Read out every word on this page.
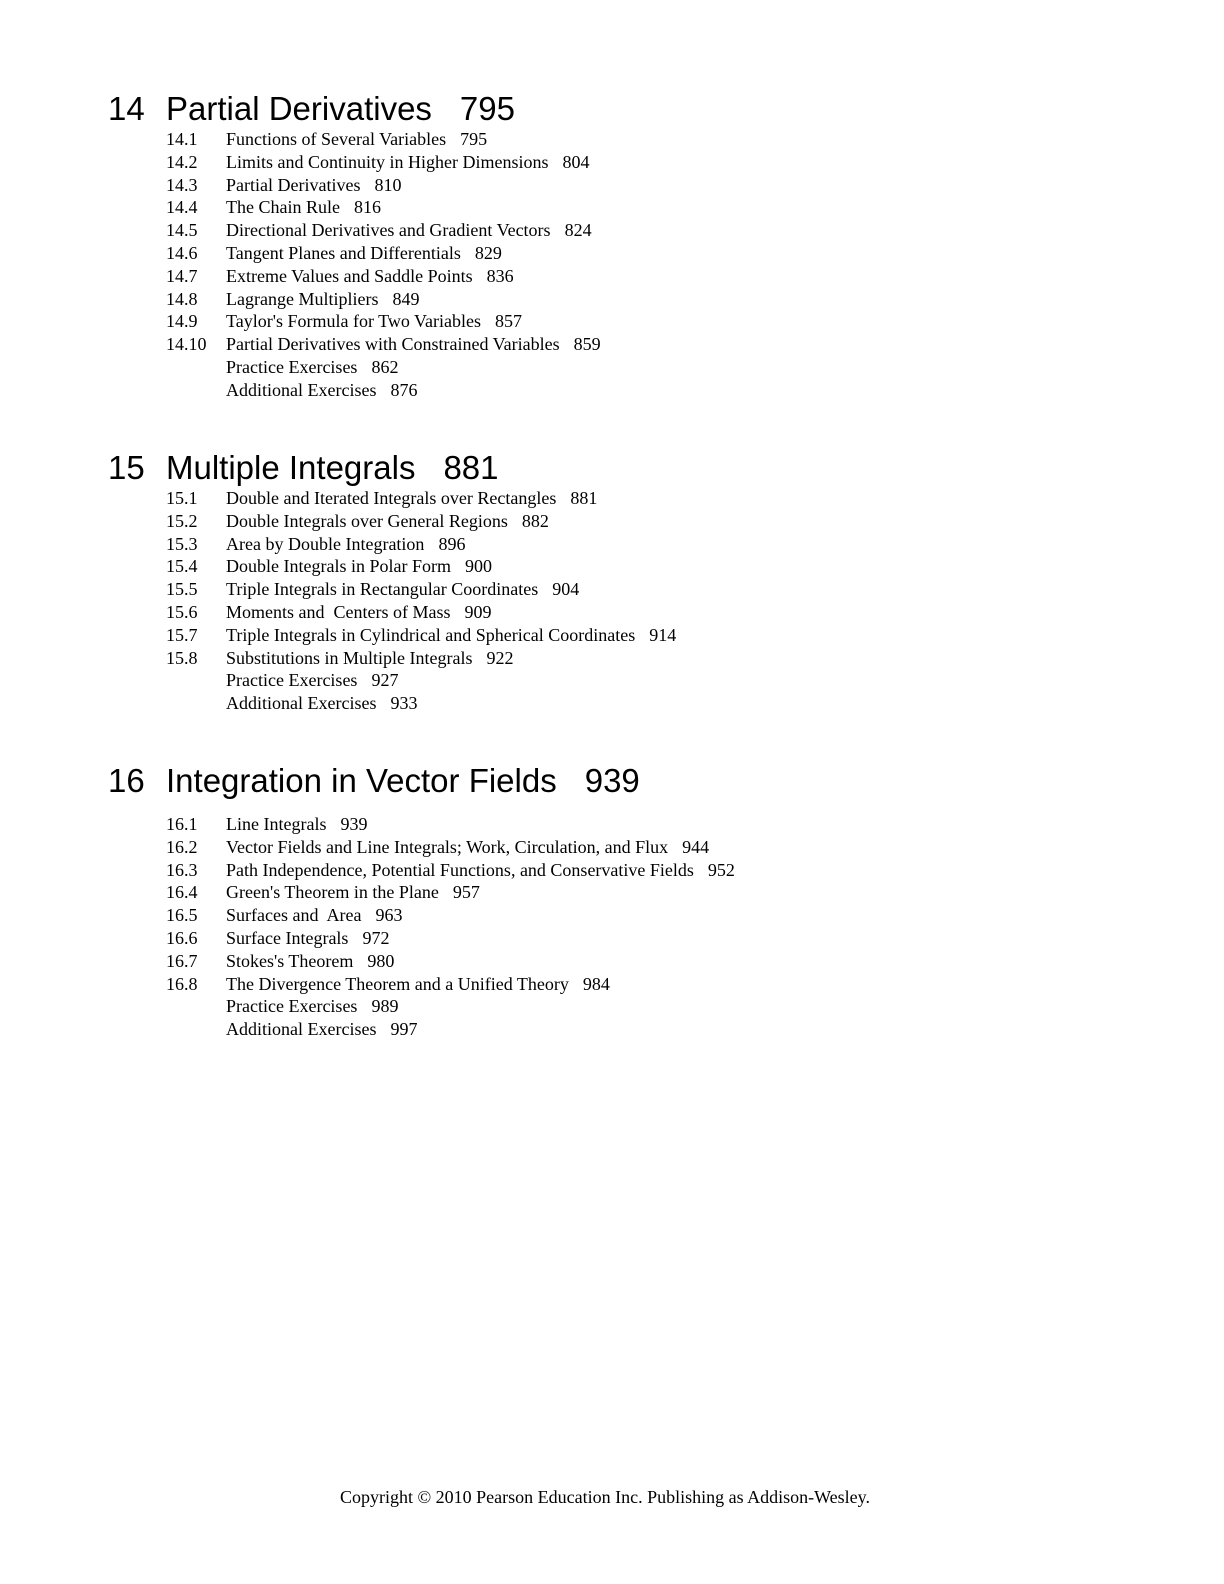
14 Partial Derivatives 795
14.1 Functions of Several Variables 795
14.2 Limits and Continuity in Higher Dimensions 804
14.3 Partial Derivatives 810
14.4 The Chain Rule 816
14.5 Directional Derivatives and Gradient Vectors 824
14.6 Tangent Planes and Differentials 829
14.7 Extreme Values and Saddle Points 836
14.8 Lagrange Multipliers 849
14.9 Taylor's Formula for Two Variables 857
14.10 Partial Derivatives with Constrained Variables 859
Practice Exercises 862
Additional Exercises 876
15 Multiple Integrals 881
15.1 Double and Iterated Integrals over Rectangles 881
15.2 Double Integrals over General Regions 882
15.3 Area by Double Integration 896
15.4 Double Integrals in Polar Form 900
15.5 Triple Integrals in Rectangular Coordinates 904
15.6 Moments and  Centers of Mass 909
15.7 Triple Integrals in Cylindrical and Spherical Coordinates 914
15.8 Substitutions in Multiple Integrals 922
Practice Exercises 927
Additional Exercises 933
16 Integration in Vector Fields 939
16.1 Line Integrals 939
16.2 Vector Fields and Line Integrals; Work, Circulation, and Flux 944
16.3 Path Independence, Potential Functions, and Conservative Fields 952
16.4 Green's Theorem in the Plane 957
16.5 Surfaces and  Area 963
16.6 Surface Integrals 972
16.7 Stokes's Theorem 980
16.8 The Divergence Theorem and a Unified Theory 984
Practice Exercises 989
Additional Exercises 997
Copyright © 2010 Pearson Education Inc. Publishing as Addison-Wesley.
